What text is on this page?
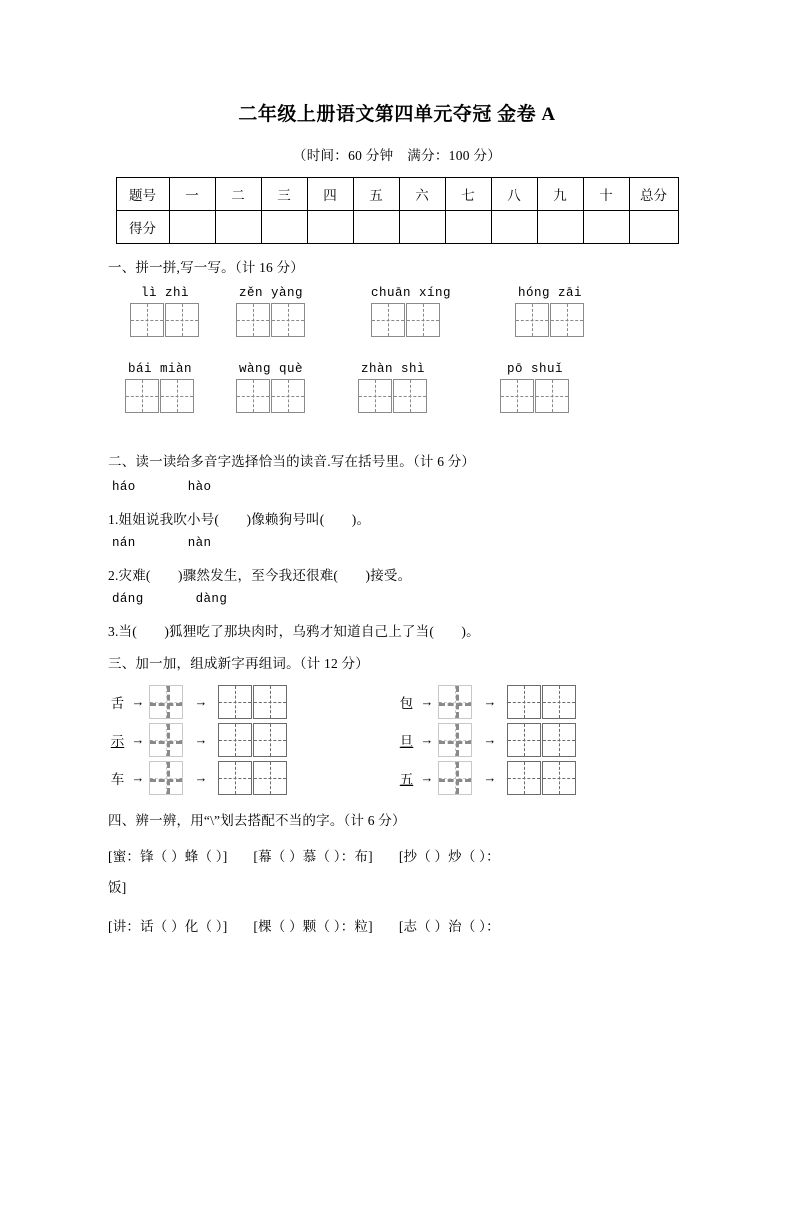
二年级上册语文第四单元夺冠 金卷 A
（时间：60 分钟　满分：100 分）
题号	一	二	三	四	五	六	七	八	九	十	总分
得分											
一、拼一拼,写一写。（计 16 分）
lì zhì	zěn yàng	chuān xíng	hóng zāi
bái miàn	wàng què	zhàn shì	pō shuǐ
二、读一读给多音字选择恰当的读音.写在括号里。（计 6 分）
háo	hào
1.姐姐说我吹小号(　　)像赖狗号叫(　　)。
nán	nàn
2.灾难(　　)骤然发生，至今我还很难(　　)接受。
dáng	dàng
3.当(　　)狐狸吃了那块肉时，乌鸦才知道自己上了当(　　)。
三、加一加，组成新字再组词。（计 12 分）
舌 →	→
示 →	→
车 →	→
包 →	→
旦 →	→
五 →	→
四、辨一辨，用“\”划去搭配不当的字。（计 6 分）
[蜜：锋（ ）蜂（ ）] [幕（ ）慕（ ）：布] [抄（ ）炒（ ）：
饭]
[讲：话（ ）化（ ）] [棵（ ）颗（ ）：粒] [志（ ）治（ ）：
